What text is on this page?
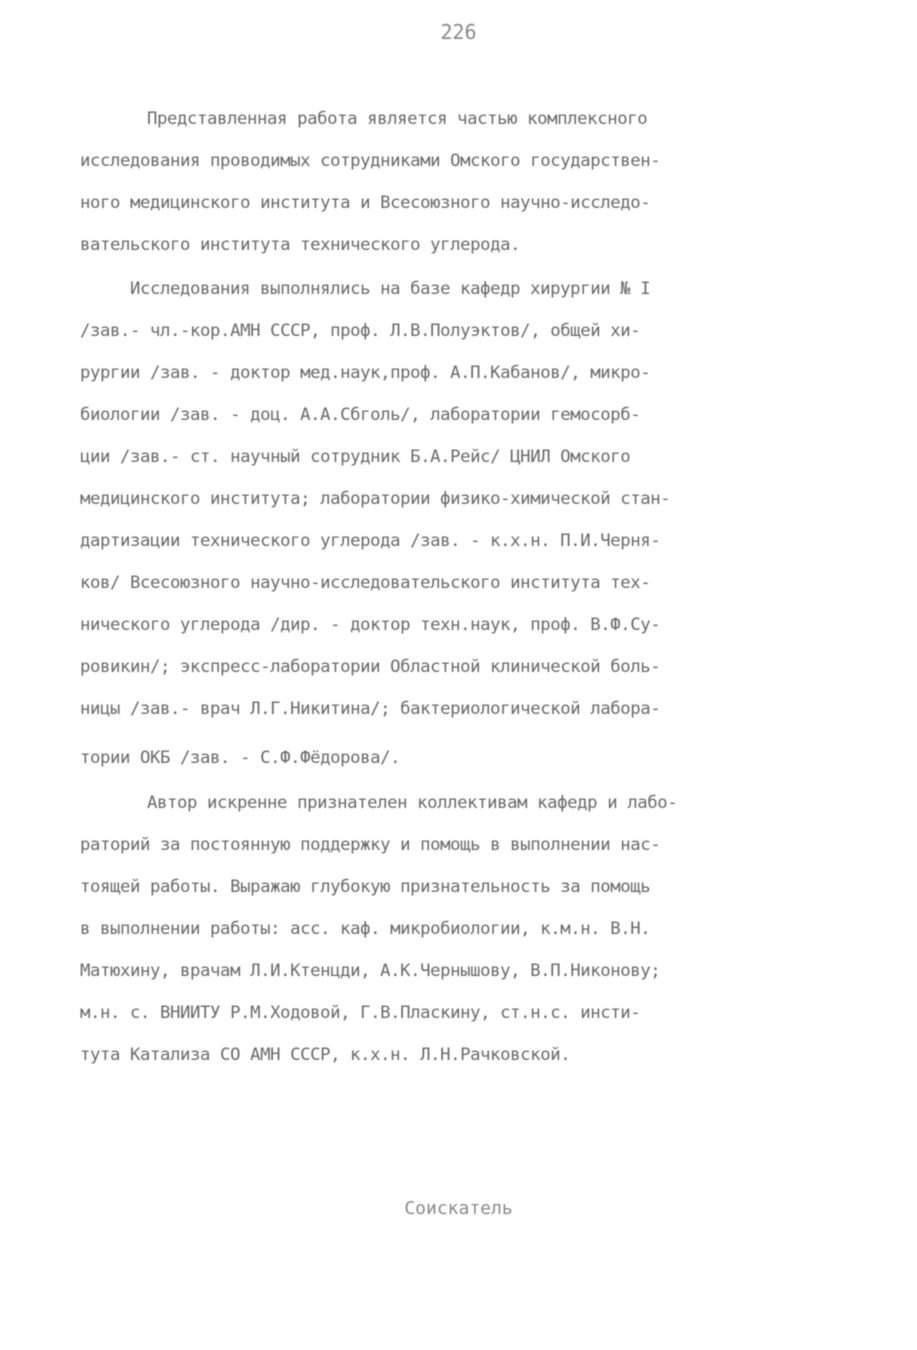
226
Представленная работа является частью комплексного
исследования проводимых сотрудниками Омского государствен-
ного медицинского института и Всесоюзного научно-исследо-
вательского института технического углерода.
Исследования выполнялись на базе кафедр хирургии № I
/зав.- чл.-кор.АМН СССР, проф. Л.В.Полуэктов/, общей хи-
рургии /зав. - доктор мед.наук,проф. А.П.Кабанов/, микро-
биологии /зав. - доц. А.А.Сбголь/, лаборатории гемосорб-
ции /зав.- ст. научный сотрудник Б.А.Рейс/ ЦНИЛ Омского
медицинского института; лаборатории физико-химической стан-
дартизации технического углерода /зав. - к.х.н. П.И.Черня-
ков/ Всесоюзного научно-исследовательского института тех-
нического углерода /дир. - доктор техн.наук, проф. В.Ф.Су-
ровикин/; экспресс-лаборатории Областной клинической боль-
ницы /зав.- врач Л.Г.Никитина/; бактериологической лабора-
тории ОКБ /зав. - С.Ф.Фёдорова/.
Автор искренне признателен коллективам кафедр и лабо-
раторий за постоянную поддержку и помощь в выполнении нас-
тоящей работы. Выражаю глубокую признательность за помощь
в выполнении работы: асс. каф. микробиологии, к.м.н. В.Н.
Матюхину, врачам Л.И.Ктенцди, А.К.Чернышову, В.П.Никонову;
м.н. с. ВНИИТУ Р.М.Ходовой, Г.В.Пласкину, ст.н.с. инсти-
тута Катализа СО АМН СССР, к.х.н. Л.Н.Рачковской.
Соискатель
